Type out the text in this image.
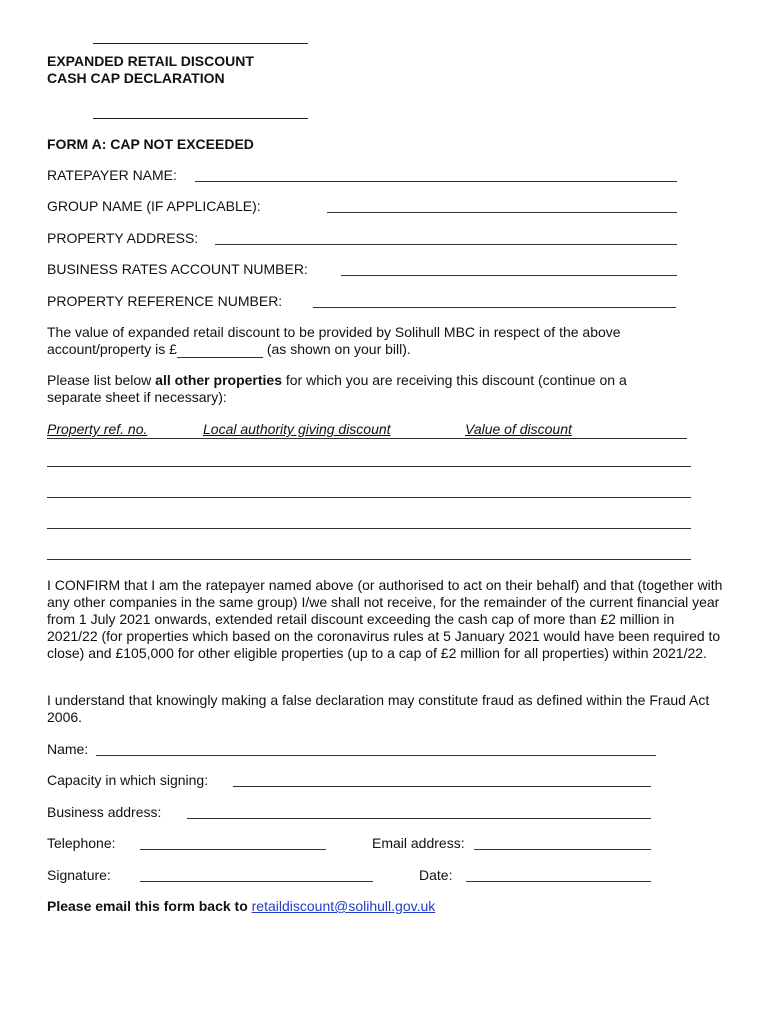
EXPANDED RETAIL DISCOUNT

CASH CAP DECLARATION

FORM A: CAP NOT EXCEEDED

RATEPAYER NAME:

GROUP NAME (IF APPLICABLE):

PROPERTY ADDRESS:

BUSINESS RATES ACCOUNT NUMBER:

PROPERTY REFERENCE NUMBER:

The value of expanded retail discount to be provided by Solihull MBC in respect of the above

account/property is £	(as shown on your bill).

Please list below all other properties for which you are receiving this discount (continue on a

separate sheet if necessary):

Property ref. no.	Local authority giving discount	Value of discount

I CONFIRM that I am the ratepayer named above (or authorised to act on their behalf) and that (together with any other companies in the same group) I/we shall not receive, for the remainder of the current financial year from 1 July 2021 onwards, extended retail discount exceeding the cash cap of more than £2 million in 2021/22 (for properties which based on the coronavirus rules at 5 January 2021 would have been required to close) and £105,000 for other eligible properties (up to a cap of £2 million for all properties) within 2021/22.

I understand that knowingly making a false declaration may constitute fraud as defined within the Fraud Act 2006.

Name:

Capacity in which signing:

Business address:

Telephone:	Email address:

Signature:	Date:

Please email this form back to retaildiscount@solihull.gov.uk
